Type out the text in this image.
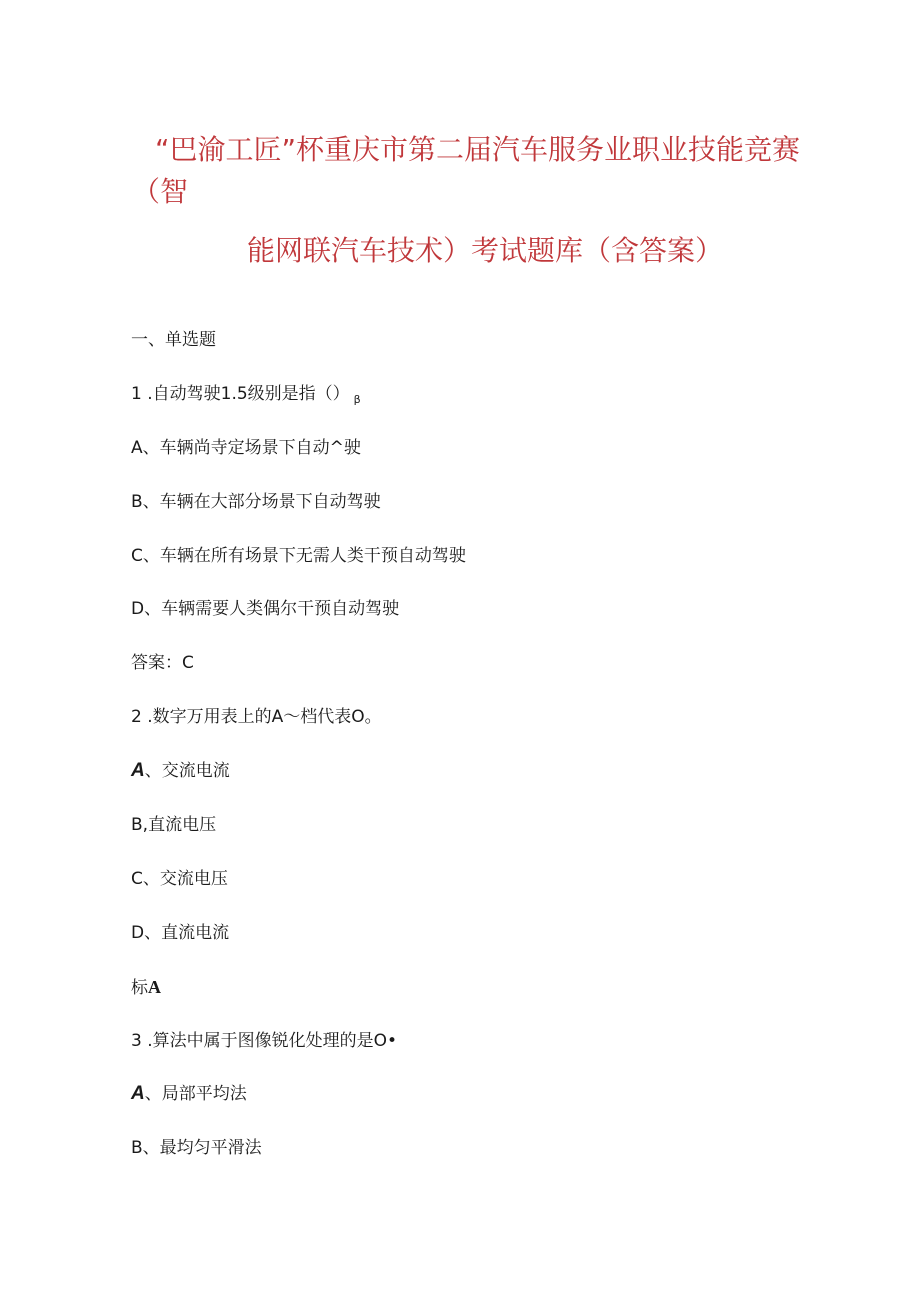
“巴渝工匠”杯重庆市第二届汽车服务业职业技能竞赛
（智
能网联汽车技术）考试题库（含答案）
一、单选题
1 .自动驾驶1.5级别是指（） $_\beta$
A、车辆尚寺定场景下自动^驶
B、车辆在大部分场景下自动驾驶
C、车辆在所有场景下无需人类干预自动驾驶
D、车辆需要人类偶尔干预自动驾驶
答案：C
2 .数字万用表上的A〜档代表O。
A、交流电流
B,直流电压
C、交流电压
D、直流电流
标A
3 .算法中属于图像锐化处理的是O•
A、局部平均法
B、最均匀平滑法
